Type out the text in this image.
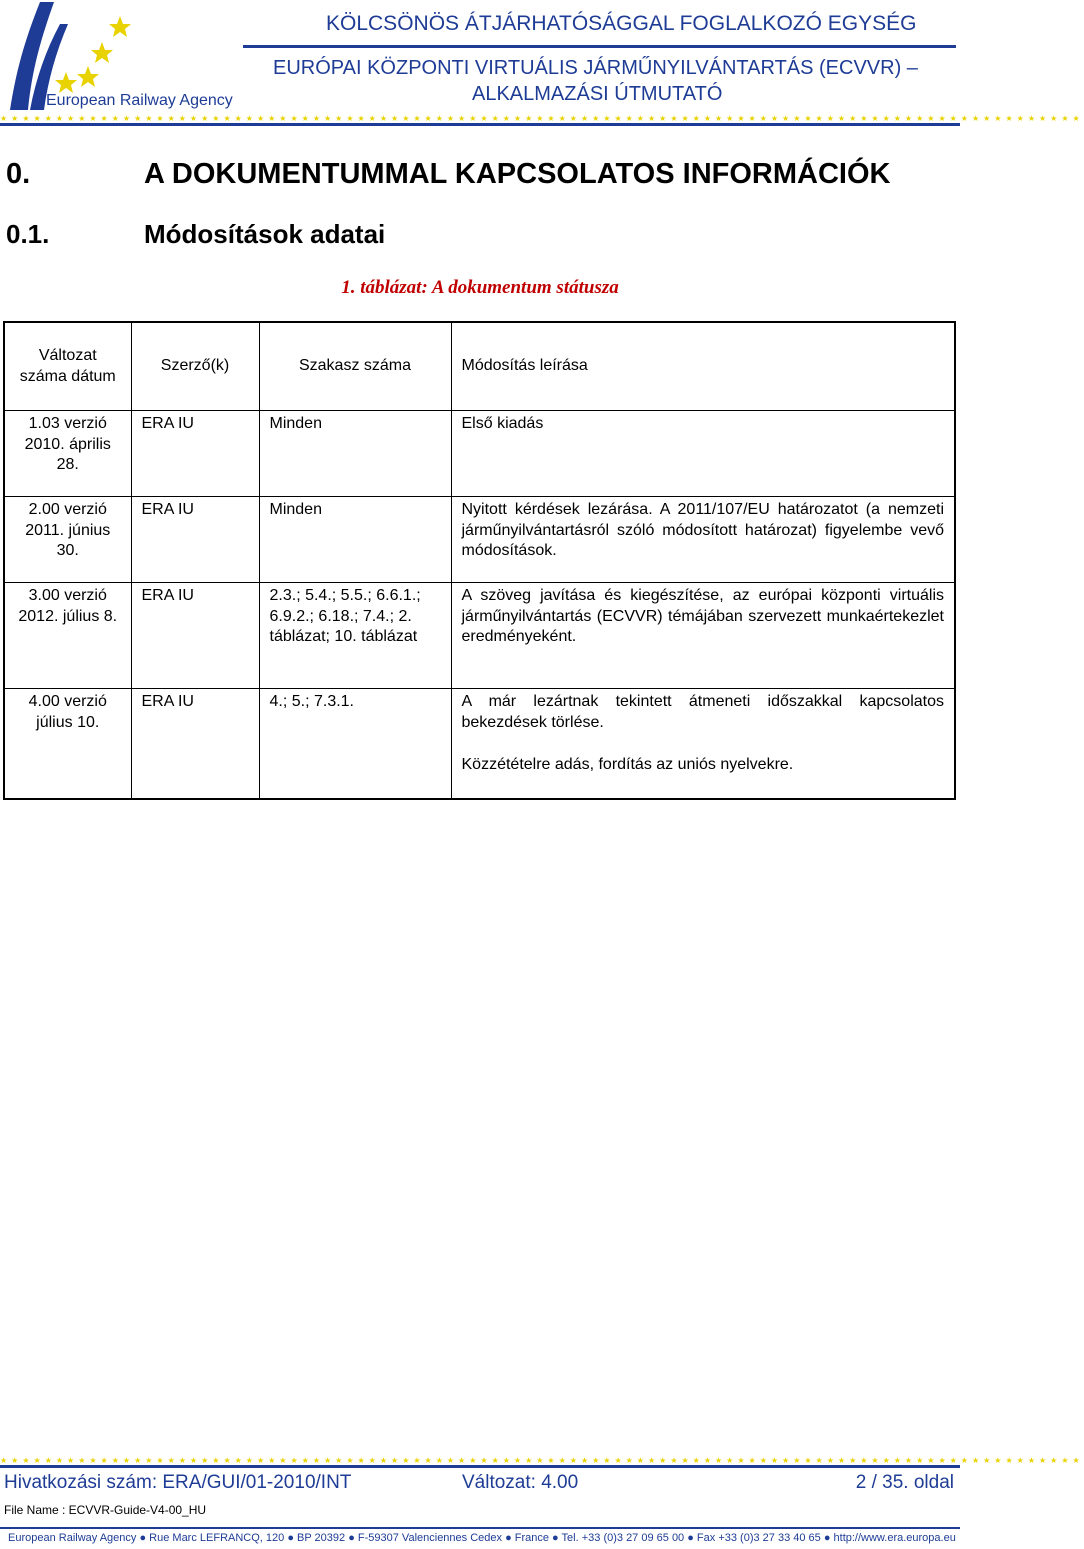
European Railway Agency
KÖLCSÖNÖS ÁTJÁRHATÓSÁGGAL FOGLALKOZÓ EGYSÉG
EURÓPAI KÖZPONTI VIRTUÁLIS JÁRMŰNYILVÁNTARTÁS (ECVVR) –
ALKALMAZÁSI ÚTMUTATÓ
★★★★★★★★★★★★★★★★★★★★★★★★★★★★★★★★★★★★★★★★★★★★★★★★★★★★★★★★★★★★★★★★★★★★★★★★★★★★★★★★★★★★★★★★★★★★★★★★★
0.	A DOKUMENTUMMAL KAPCSOLATOS INFORMÁCIÓK
0.1.	Módosítások adatai
1. táblázat: A dokumentum státusza
Változat száma dátum	Szerző(k)	Szakasz száma	Módosítás leírása
1.03 verzió 2010. április 28.	ERA IU	Minden	Első kiadás
2.00 verzió 2011. június 30.	ERA IU	Minden	Nyitott kérdések lezárása. A 2011/107/EU határozatot (a nemzeti járműnyilvántartásról szóló módosított határozat) figyelembe vevő módosítások.
3.00 verzió 2012. július 8.	ERA IU	2.3.; 5.4.; 5.5.; 6.6.1.; 6.9.2.; 6.18.; 7.4.; 2. táblázat; 10. táblázat	A szöveg javítása és kiegészítése, az európai központi virtuális járműnyilvántartás (ECVVR) témájában szervezett munkaértekezlet eredményeként.
4.00 verzió július 10.	ERA IU	4.; 5.; 7.3.1.	A már lezártnak tekintett átmeneti időszakkal kapcsolatos bekezdések törlése.
Közzétételre adás, fordítás az uniós nyelvekre.
★★★★★★★★★★★★★★★★★★★★★★★★★★★★★★★★★★★★★★★★★★★★★★★★★★★★★★★★★★★★★★★★★★★★★★★★★★★★★★★★★★★★★★★★★★★★★★★★★
Hivatkozási szám: ERA/GUI/01-2010/INT	Változat: 4.00	2 / 35. oldal
File Name : ECVVR-Guide-V4-00_HU
European Railway Agency ● Rue Marc LEFRANCQ, 120 ● BP 20392 ● F-59307 Valenciennes Cedex ● France ● Tel. +33 (0)3 27 09 65 00 ● Fax +33 (0)3 27 33 40 65 ● http://www.era.europa.eu
